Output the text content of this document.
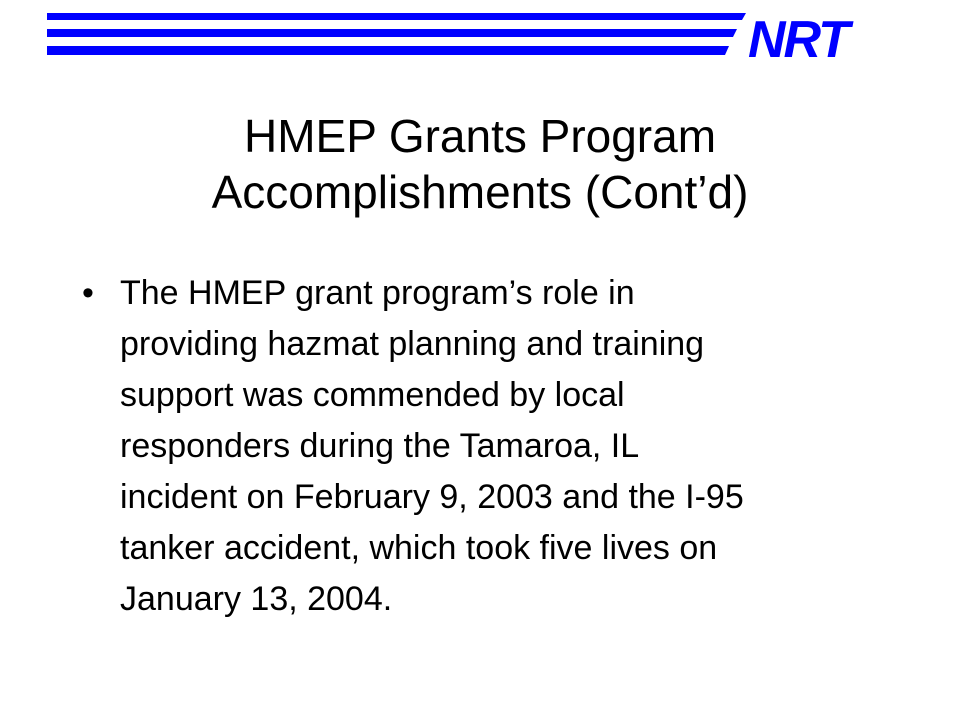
NRT
HMEP Grants Program
Accomplishments (Cont’d)
• The HMEP grant program’s role in
providing hazmat planning and training
support was commended by local
responders during the Tamaroa, IL
incident on February 9, 2003 and the I-95
tanker accident, which took five lives on
January 13, 2004.
